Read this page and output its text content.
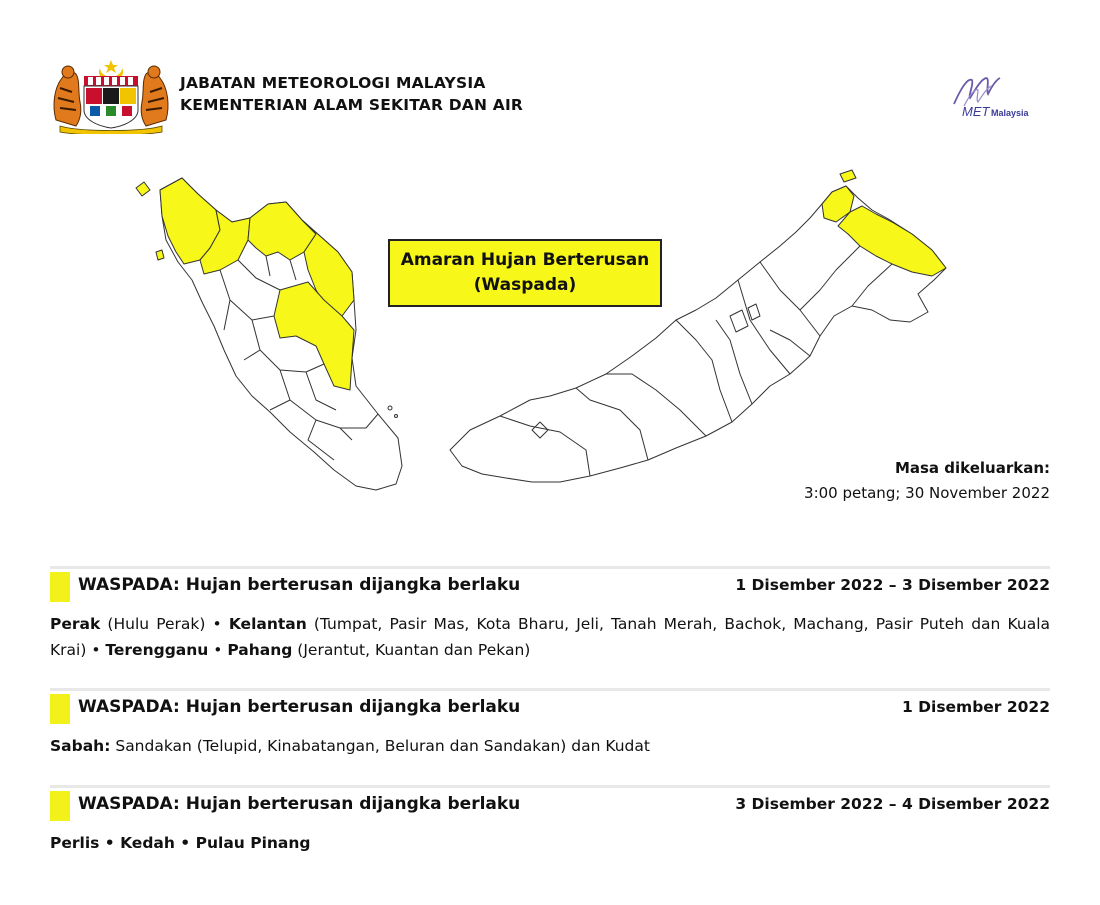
JABATAN METEOROLOGI MALAYSIA
KEMENTERIAN ALAM SEKITAR DAN AIR	MET Malaysia
Amaran Hujan Berterusan
(Waspada)
Masa dikeluarkan:
3:00 petang; 30 November 2022
WASPADA: Hujan berterusan dijangka berlaku	1 Disember 2022 – 3 Disember 2022
Perak (Hulu Perak) • Kelantan (Tumpat, Pasir Mas, Kota Bharu, Jeli, Tanah Merah, Bachok, Machang, Pasir Puteh dan Kuala Krai) • Terengganu • Pahang (Jerantut, Kuantan dan Pekan)
WASPADA: Hujan berterusan dijangka berlaku	1 Disember 2022
Sabah: Sandakan (Telupid, Kinabatangan, Beluran dan Sandakan) dan Kudat
WASPADA: Hujan berterusan dijangka berlaku	3 Disember 2022 – 4 Disember 2022
Perlis • Kedah • Pulau Pinang
